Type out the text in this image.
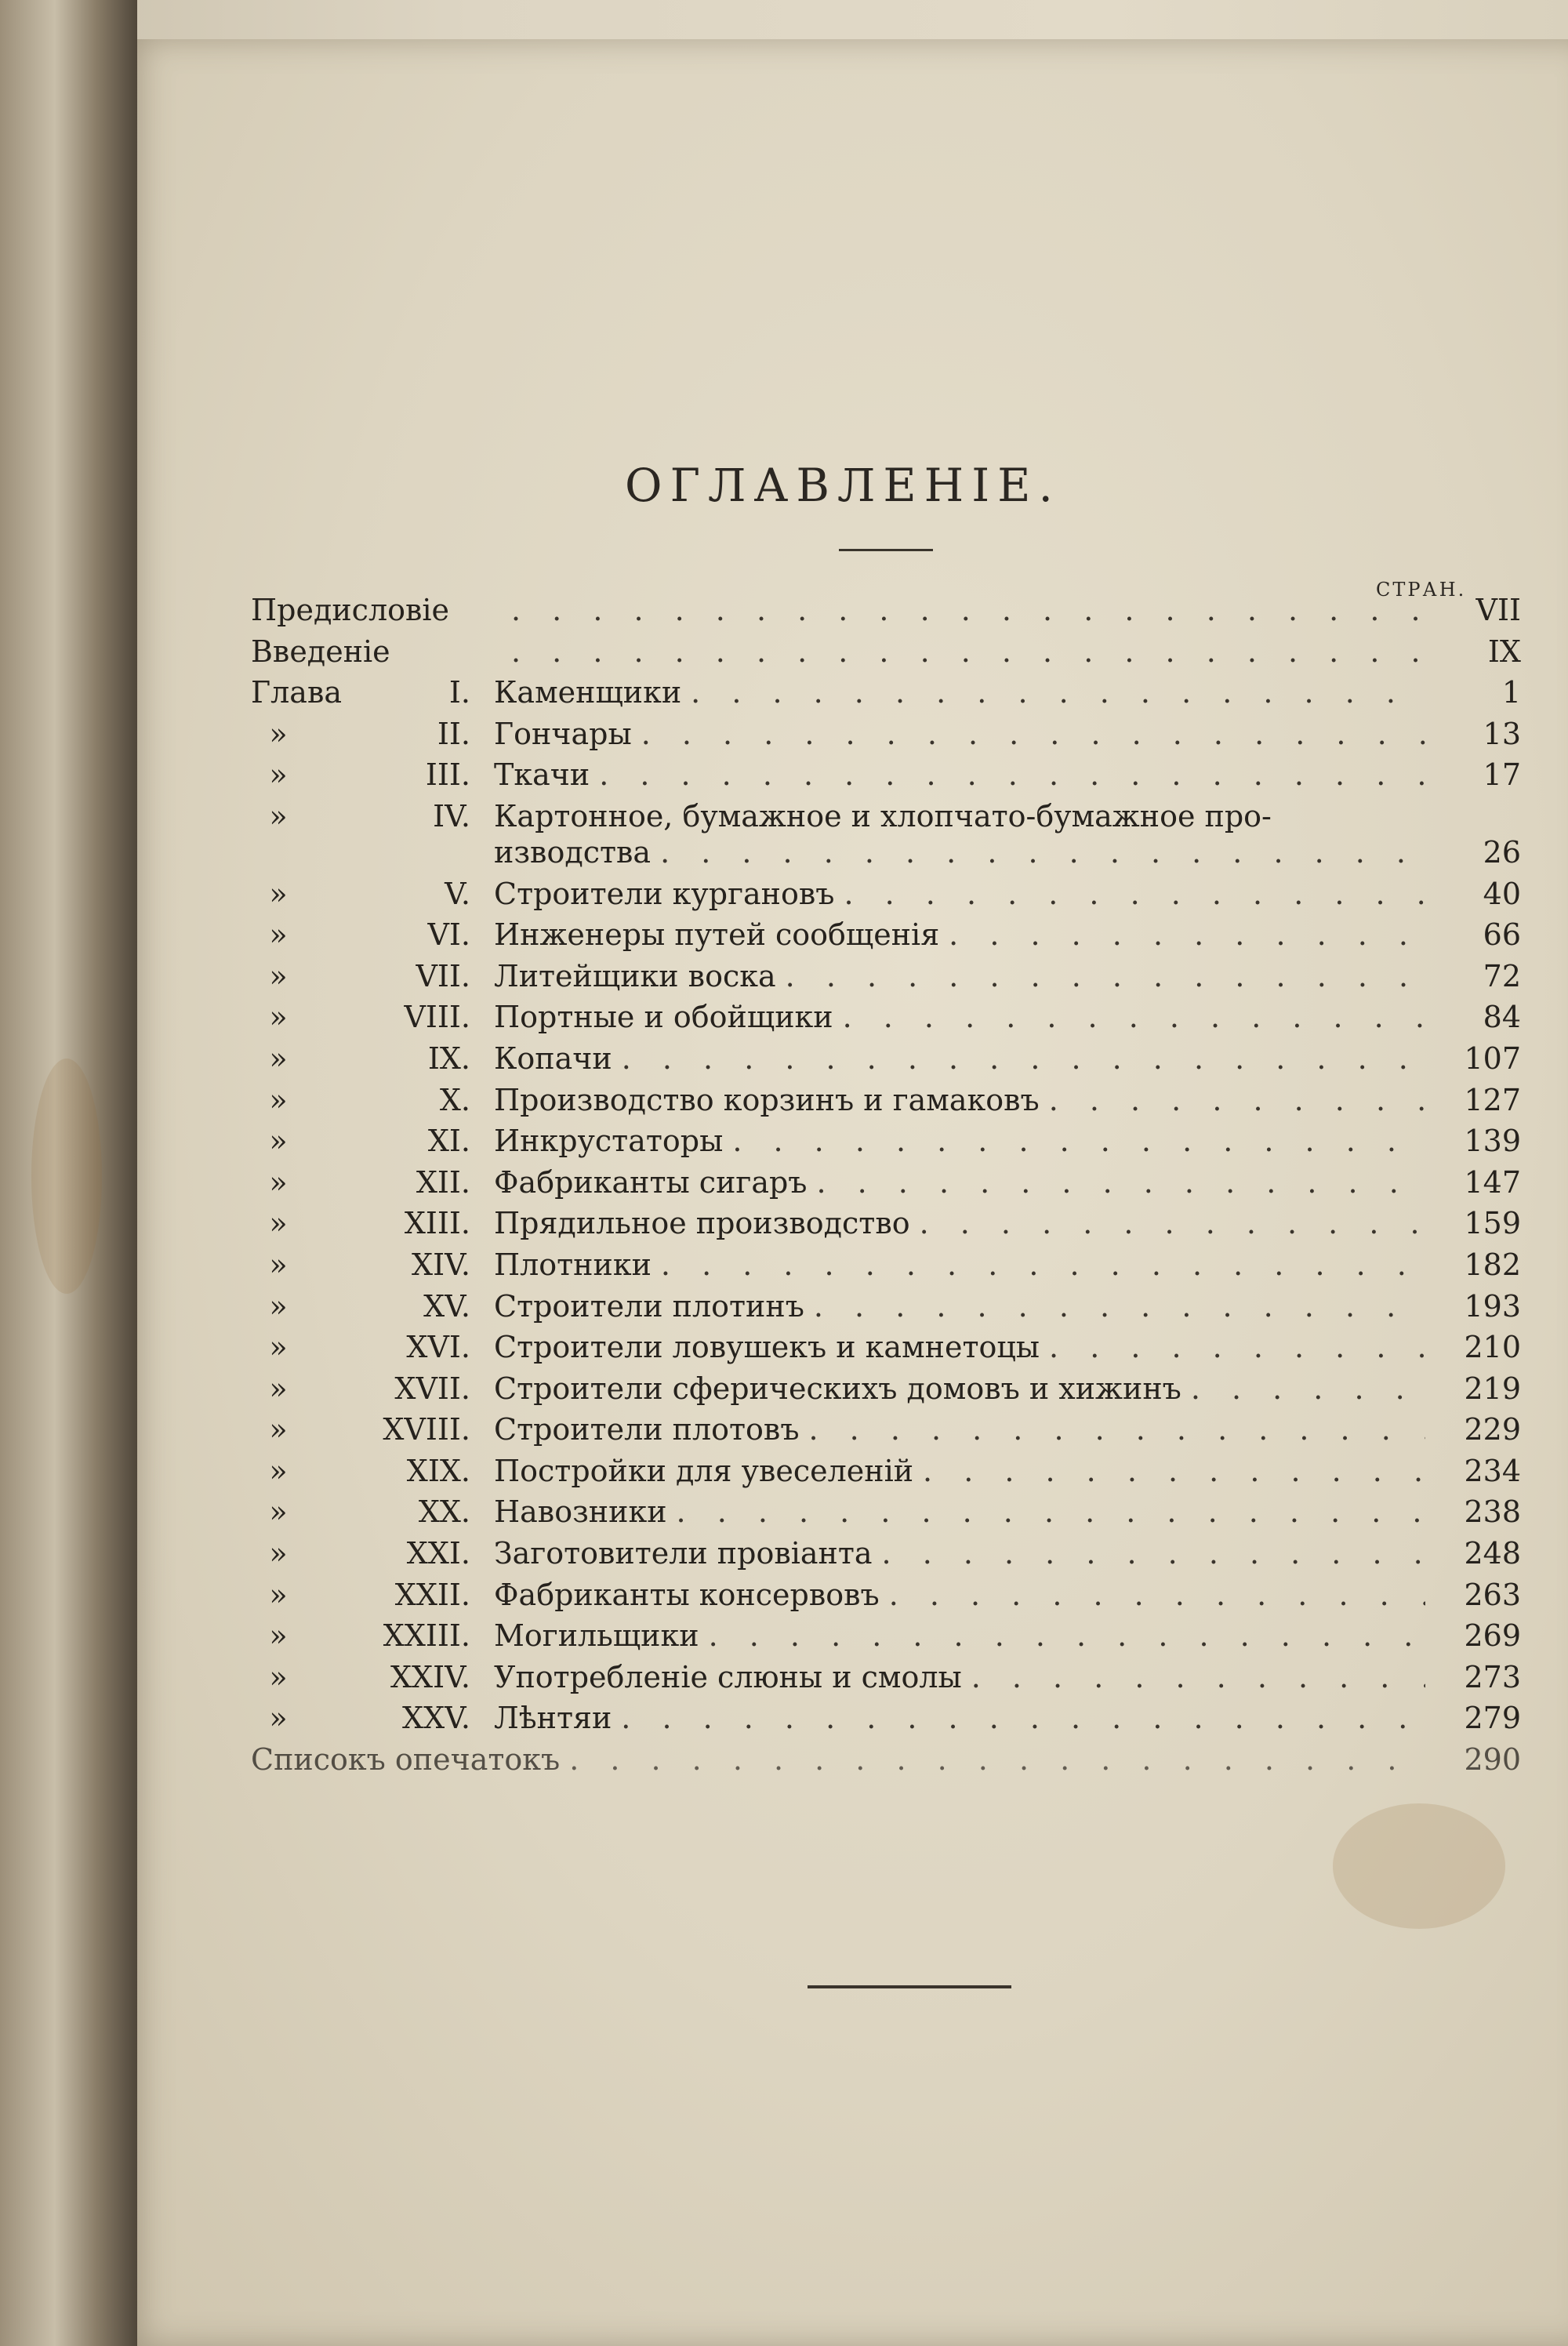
ОГЛАВЛЕНІЕ.
СТРАН.
Предисловіе . . .	VII
Введеніе . . .	IX
Глава	I. Каменщики . . .	1
»	II. Гончары . . .	13
»	III. Ткачи . . .	17
»	IV. Картонное, бумажное и хлопчато-бумажное про-
изводства . . .	26
»	V. Строители кургановъ . . .	40
»	VI. Инженеры путей сообщенія . . .	66
»	VII. Литейщики воска . . .	72
»	VIII. Портные и обойщики . . .	84
»	IX. Копачи . . .	107
»	X. Производство корзинъ и гамаковъ . . .	127
»	XI. Инкрустаторы . . .	139
»	XII. Фабриканты сигаръ . . .	147
»	XIII. Прядильное производство . . .	159
»	XIV. Плотники . . .	182
»	XV. Строители плотинъ . . .	193
»	XVI. Строители ловушекъ и камнетоцы . . .	210
»	XVII. Строители сферическихъ домовъ и хижинъ . . .	219
»	XVIII. Строители плотовъ . . .	229
»	XIX. Постройки для увеселеній . . .	234
»	XX. Навозники . . .	238
»	XXI. Заготовители провіанта . . .	248
»	XXII. Фабриканты консервовъ . . .	263
»	XXIII. Могильщики . . .	269
»	XXIV. Употребленіе слюны и смолы . . .	273
»	XXV. Лѣнтяи . . .	279
Списокъ опечатокъ . . .	290
